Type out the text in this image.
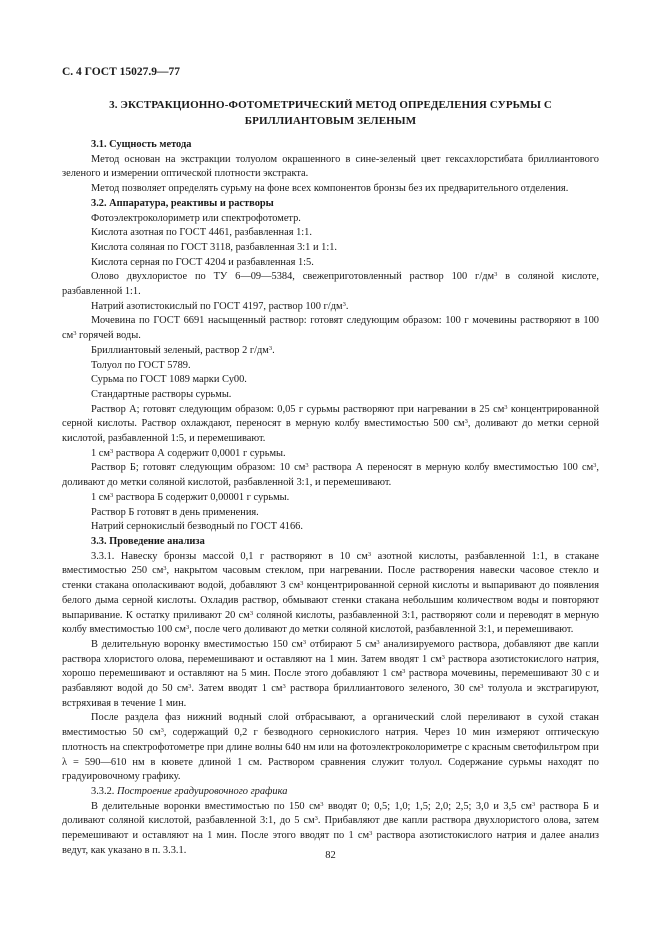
С. 4 ГОСТ 15027.9—77
3. ЭКСТРАКЦИОННО-ФОТОМЕТРИЧЕСКИЙ МЕТОД ОПРЕДЕЛЕНИЯ СУРЬМЫ С БРИЛЛИАНТОВЫМ ЗЕЛЕНЫМ

3.1. Сущность метода

Метод основан на экстракции толуолом окрашенного в сине-зеленый цвет гексахлорстибата бриллиантового зеленого и измерении оптической плотности экстракта.

Метод позволяет определять сурьму на фоне всех компонентов бронзы без их предварительного отделения.

3.2. Аппаратура, реактивы и растворы

Фотоэлектроколориметр или спектрофотометр.

Кислота азотная по ГОСТ 4461, разбавленная 1:1.

Кислота соляная по ГОСТ 3118, разбавленная 3:1 и 1:1.

Кислота серная по ГОСТ 4204 и разбавленная 1:5.

Олово двухлористое по ТУ 6—09—5384, свежеприготовленный раствор 100 $г/дм^3$ в соляной кислоте, разбавленной 1:1.

Натрий азотистокислый по ГОСТ 4197, раствор 100 $г/дм^3$.

Мочевина по ГОСТ 6691 насыщенный раствор: готовят следующим образом: 100 г мочевины растворяют в 100 $см^3$ горячей воды.

Бриллиантовый зеленый, раствор 2 $г/дм^3$.

Толуол по ГОСТ 5789.

Сурьма по ГОСТ 1089 марки Су00.

Стандартные растворы сурьмы.

Раствор А; готовят следующим образом: 0,05 г сурьмы растворяют при нагревании в 25 $см^3$ концентрированной серной кислоты. Раствор охлаждают, переносят в мерную колбу вместимостью 500 $см^3$, доливают до метки серной кислотой, разбавленной 1:5, и перемешивают.

1 $см^3$ раствора А содержит 0,0001 г сурьмы.

Раствор Б; готовят следующим образом: 10 $см^3$ раствора А переносят в мерную колбу вместимостью 100 $см^3$, доливают до метки соляной кислотой, разбавленной 3:1, и перемешивают.

1 $см^3$ раствора Б содержит 0,00001 г сурьмы.

Раствор Б готовят в день применения.

Натрий сернокислый безводный по ГОСТ 4166.

3.3. Проведение анализа

3.3.1. Навеску бронзы массой 0,1 г растворяют в 10 $см^3$ азотной кислоты, разбавленной 1:1, в стакане вместимостью 250 $см^3$, накрытом часовым стеклом, при нагревании. После растворения навески часовое стекло и стенки стакана ополаскивают водой, добавляют 3 $см^3$ концентрированной серной кислоты и выпаривают до появления белого дыма серной кислоты. Охладив раствор, обмывают стенки стакана небольшим количеством воды и повторяют выпаривание. К остатку приливают 20 $см^3$ соляной кислоты, разбавленной 3:1, растворяют соли и переводят в мерную колбу вместимостью 100 $см^3$, после чего доливают до метки соляной кислотой, разбавленной 3:1, и перемешивают.

В делительную воронку вместимостью 150 $см^3$ отбирают 5 $см^3$ анализируемого раствора, добавляют две капли раствора хлористого олова, перемешивают и оставляют на 1 мин. Затем вводят 1 $см^3$ раствора азотистокислого натрия, хорошо перемешивают и оставляют на 5 мин. После этого добавляют 1 $см^3$ раствора мочевины, перемешивают 30 с и разбавляют водой до 50 $см^3$. Затем вводят 1 $см^3$ раствора бриллиантового зеленого, 30 $см^3$ толуола и экстрагируют, встряхивая в течение 1 мин.

После раздела фаз нижний водный слой отбрасывают, а органический слой переливают в сухой стакан вместимостью 50 $см^3$, содержащий 0,2 г безводного сернокислого натрия. Через 10 мин измеряют оптическую плотность на спектрофотометре при длине волны 640 нм или на фотоэлектроколориметре с красным светофильтром при λ = 590—610 нм в кювете длиной 1 см. Раствором сравнения служит толуол. Содержание сурьмы находят по градуировочному графику.

3.3.2. Построение градуировочного графика

В делительные воронки вместимостью по 150 $см^3$ вводят 0; 0,5; 1,0; 1,5; 2,0; 2,5; 3,0 и 3,5 $см^3$ раствора Б и доливают соляной кислотой, разбавленной 3:1, до 5 $см^3$. Прибавляют две капли раствора двухлористого олова, затем перемешивают и оставляют на 1 мин. После этого вводят по 1 $см^3$ раствора азотистокислого натрия и далее анализ ведут, как указано в п. 3.3.1.	82
